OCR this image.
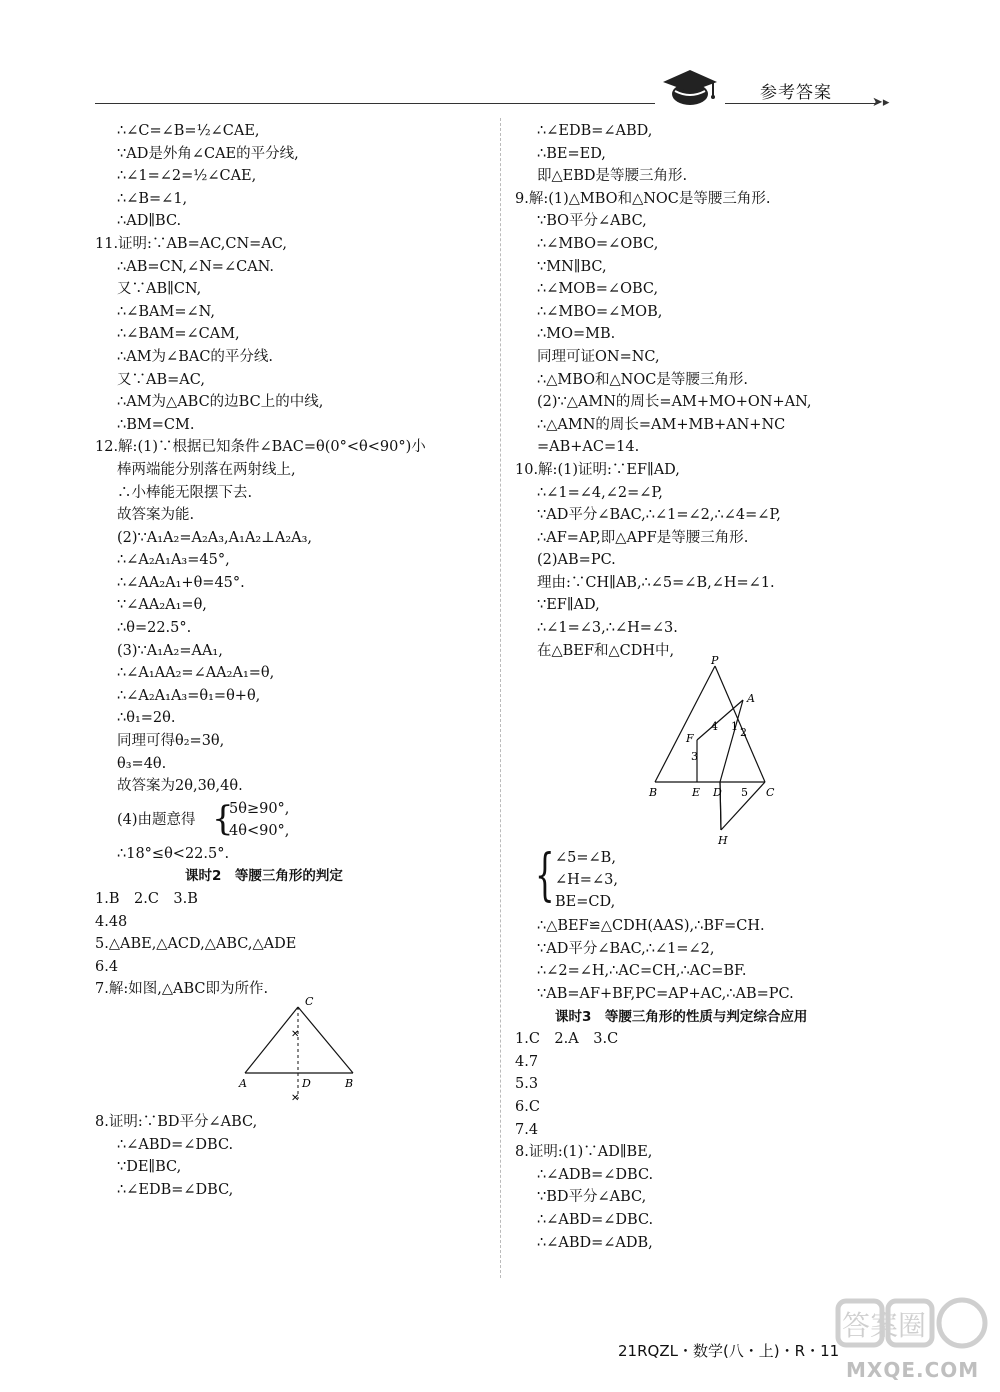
参考答案	➤▸
∴∠C=∠B=½∠CAE,
∵AD是外角∠CAE的平分线,
∴∠1=∠2=½∠CAE,
∴∠B=∠1,
∴AD∥BC.
11.证明:∵AB=AC,CN=AC,
∴AB=CN,∠N=∠CAN.
又∵AB∥CN,
∴∠BAM=∠N,
∴∠BAM=∠CAM,
∴AM为∠BAC的平分线.
又∵AB=AC,
∴AM为△ABC的边BC上的中线,
∴BM=CM.
12.解:(1)∵根据已知条件∠BAC=θ(0°<θ<90°)小
棒两端能分别落在两射线上,
∴小棒能无限摆下去.
故答案为能.
(2)∵A₁A₂=A₂A₃,A₁A₂⊥A₂A₃,
∴∠A₂A₁A₃=45°,
∴∠AA₂A₁+θ=45°.
∵∠AA₂A₁=θ,
∴θ=22.5°.
(3)∵A₁A₂=AA₁,
∴∠A₁AA₂=∠AA₂A₁=θ,
∴∠A₂A₁A₃=θ₁=θ+θ,
∴θ₁=2θ.
同理可得θ₂=3θ,
θ₃=4θ.
故答案为2θ,3θ,4θ.
(4)由题意得 {
5θ≥90°,
4θ<90°,
∴18°≤θ<22.5°.
课时2　等腰三角形的判定
1.B　2.C　3.B
4.48
5.△ABE,△ACD,△ABC,△ADE
6.4
7.解:如图,△ABC即为所作.
✕
✕
C
A	D	B
8.证明:∵BD平分∠ABC,
∴∠ABD=∠DBC.
∵DE∥BC,
∴∠EDB=∠DBC,
∴∠EDB=∠ABD,
∴BE=ED,
即△EBD是等腰三角形.
9.解:(1)△MBO和△NOC是等腰三角形.
∵BO平分∠ABC,
∴∠MBO=∠OBC,
∵MN∥BC,
∴∠MOB=∠OBC,
∴∠MBO=∠MOB,
∴MO=MB.
同理可证ON=NC,
∴△MBO和△NOC是等腰三角形.
(2)∵△AMN的周长=AM+MO+ON+AN,
∴△AMN的周长=AM+MB+AN+NC
=AB+AC=14.
10.解:(1)证明:∵EF∥AD,
∴∠1=∠4,∠2=∠P,
∵AD平分∠BAC,∴∠1=∠2,∴∠4=∠P,
∴AF=AP,即△APF是等腰三角形.
(2)AB=PC.
理由:∵CH∥AB,∴∠5=∠B,∠H=∠1.
∵EF∥AD,
∴∠1=∠3,∴∠H=∠3.
在△BEF和△CDH中,
P
A
F
4 1 2
3
B	E D 5 C
H
{ ∠5=∠B,
∠H=∠3,
BE=CD,
∴△BEF≌△CDH(AAS),∴BF=CH.
∵AD平分∠BAC,∴∠1=∠2,
∴∠2=∠H,∴AC=CH,∴AC=BF.
∵AB=AF+BF,PC=AP+AC,∴AB=PC.
课时3　等腰三角形的性质与判定综合应用
1.C　2.A　3.C
4.7
5.3
6.C
7.4
8.证明:(1)∵AD∥BE,
∴∠ADB=∠DBC.
∵BD平分∠ABC,
∴∠ABD=∠DBC.
∴∠ABD=∠ADB,
21RQZL・数学(八・上)・R・11
答案圈
MXQE.COM
